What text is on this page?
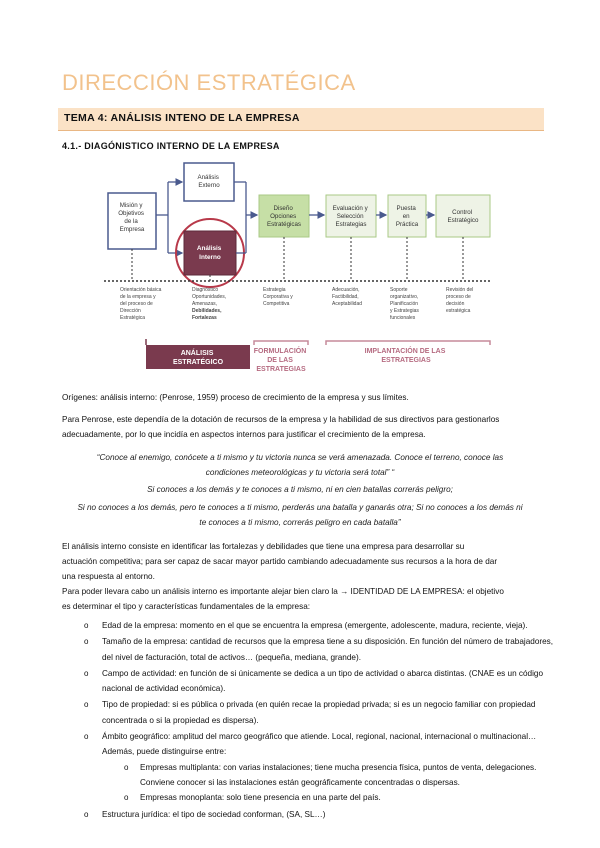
DIRECCIÓN ESTRATÉGICA
TEMA 4: ANÁLISIS INTENO DE LA EMPRESA
4.1.- DIAGÓNISTICO INTERNO DE LA EMPRESA
Misión y Objetivos de la Empresa
Análisis Externo
Análisis Interno
Diseño Opciones Estratégicas
Evaluación y Selección Estrategias
Puesta en Práctica
Control Estratégico
Orientación básica de la empresa y del proceso de Dirección Estratégica
Diagnóstico Oportunidades, Amenazas, Debilidades, Fortalezas
Estrategia Corporativa y Competitiva
Adecuación, Factibilidad, Aceptabilidad
Soporte organizativo, Planificación y Estrategias funcionales
Revisión del proceso de decisión estratégica
ANÁLISIS ESTRATÉGICO
FORMULACIÓN DE LAS ESTRATEGIAS
IMPLANTACIÓN DE LAS ESTRATEGIAS
Orígenes: análisis interno: (Penrose, 1959) proceso de crecimiento de la empresa y sus límites.
Para Penrose, este dependía de la dotación de recursos de la empresa y la habilidad de sus directivos para gestionarlos
adecuadamente, por lo que incidía en aspectos internos para justificar el crecimiento de la empresa.
“Conoce al enemigo, conócete a ti mismo y tu victoria nunca se verá amenazada. Conoce el terreno, conoce las
condiciones meteorológicas y tu victoria será total” “
Si conoces a los demás y te conoces a ti mismo, ni en cien batallas correrás peligro;
Si no conoces a los demás, pero te conoces a ti mismo, perderás una batalla y ganarás otra; Si no conoces a los demás ni
te conoces a ti mismo, correrás peligro en cada batalla”
El análisis interno consiste en identificar las fortalezas y debilidades que tiene una empresa para desarrollar su
actuación competitiva; para ser capaz de sacar mayor partido cambiando adecuadamente sus recursos a la hora de dar
una respuesta al entorno.
Para poder llevara cabo un análisis interno es importante alejar bien claro la → IDENTIDAD DE LA EMPRESA: el objetivo
es determinar el tipo y características fundamentales de la empresa:
o Edad de la empresa: momento en el que se encuentra la empresa (emergente, adolescente, madura, reciente, vieja).
o Tamaño de la empresa: cantidad de recursos que la empresa tiene a su disposición. En función del número de trabajadores, del nivel de facturación, total de activos… (pequeña, mediana, grande).
o Campo de actividad: en función de si únicamente se dedica a un tipo de actividad o abarca distintas. (CNAE es un código nacional de actividad económica).
o Tipo de propiedad: si es pública o privada (en quién recae la propiedad privada; si es un negocio familiar con propiedad concentrada o si la propiedad es dispersa).
o Ámbito geográfico: amplitud del marco geográfico que atiende. Local, regional, nacional, internacional o multinacional… Además, puede distinguirse entre:
o Empresas multiplanta: con varias instalaciones; tiene mucha presencia física, puntos de venta, delegaciones. Conviene conocer si las instalaciones están geográficamente concentradas o dispersas.
o Empresas monoplanta: solo tiene presencia en una parte del país.
o Estructura jurídica: el tipo de sociedad conforman, (SA, SL…)
